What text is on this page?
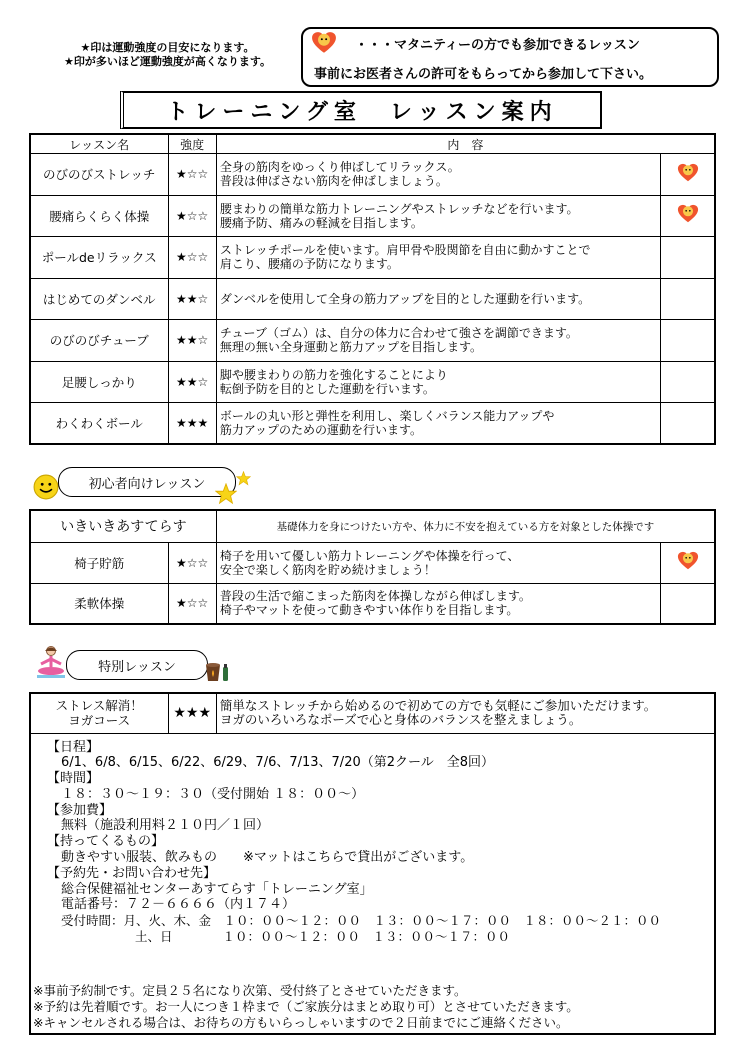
★印は運動強度の目安になります。
★印が多いほど運動強度が高くなります。
・・・マタニティーの方でも参加できるレッスン
事前にお医者さんの許可をもらってから参加して下さい。
トレーニング室　レッスン案内
レッスン名	強度	内　容	
のびのびストレッチ	★☆☆	全身の筋肉をゆっくり伸ばしてリラックス。
普段は伸ばさない筋肉を伸ばしましょう。

腰痛らくらく体操	★☆☆	腰まわりの簡単な筋力トレーニングやストレッチなどを行います。
腰痛予防、痛みの軽減を目指します。

ポールdeリラックス	★☆☆	ストレッチポールを使います。肩甲骨や股関節を自由に動かすことで
肩こり、腰痛の予防になります。	

はじめてのダンベル	★★☆	ダンベルを使用して全身の筋力アップを目的とした運動を行います。	

のびのびチューブ	★★☆	チューブ（ゴム）は、自分の体力に合わせて強さを調節できます。
無理の無い全身運動と筋力アップを目指します。	

足腰しっかり	★★☆	脚や腰まわりの筋力を強化することにより
転倒予防を目的とした運動を行います。	

わくわくボール	★★★	ボールの丸い形と弾性を利用し、楽しくバランス能力アップや
筋力アップのための運動を行います。	

初心者向けレッスン
いきいきあすてらす		基礎体力を身につけたい方や、体力に不安を抱えている方を対象とした体操です	
椅子貯筋	★☆☆	椅子を用いて優しい筋力トレーニングや体操を行って、
安全で楽しく筋肉を貯め続けましょう！

柔軟体操	★☆☆	普段の生活で縮こまった筋肉を体操しながら伸ばします。
椅子やマットを使って動きやすい体作りを目指します。	

特別レッスン
ストレス解消！
ヨガコース	★★★	簡単なストレッチから始めるので初めての方でも気軽にご参加いただけます。
ヨガのいろいろなポーズで心と身体のバランスを整えましょう。

【日程】
6/1、6/8、6/15、6/22、6/29、7/6、7/13、7/20（第2クール　全8回）
【時間】
１８：３０～１９：３０（受付開始 １８：００～）
【参加費】
無料（施設利用料２１０円／１回）
【持ってくるもの】
動きやすい服装、飲みもの　　※マットはこちらで貸出がございます。
【予約先・お問い合わせ先】
総合保健福祉センターあすてらす「トレーニング室」
電話番号：７２－６６６６（内１７４）
受付時間：月、火、木、金　１０：００～１２：００　１３：００～１７：００　１８：００～２１：００
土、日　　　　１０：００～１２：００　１３：００～１７：００
※事前予約制です。定員２５名になり次第、受付終了とさせていただきます。
※予約は先着順です。お一人につき１枠まで（ご家族分はまとめ取り可）とさせていただきます。
※キャンセルされる場合は、お待ちの方もいらっしゃいますので２日前までにご連絡ください。
